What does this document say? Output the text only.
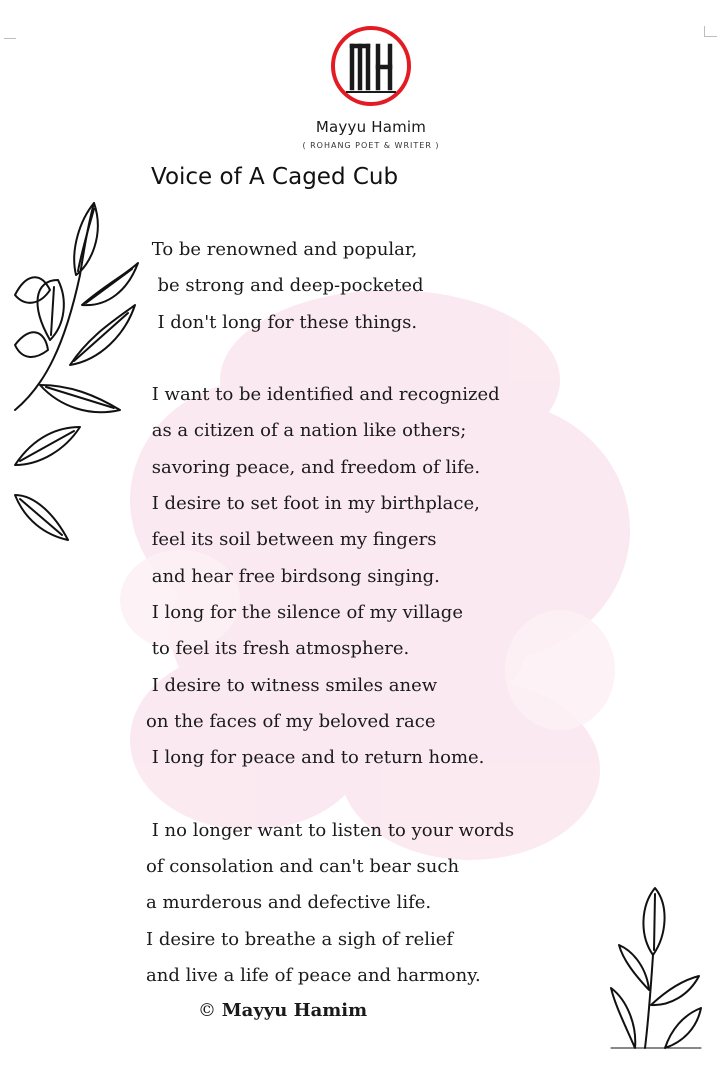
Mayyu Hamim
( ROHANG POET & WRITER )
Voice of A Caged Cub
To be renowned and popular,
be strong and deep-pocketed
I don't long for these things.
I want to be identified and recognized
as a citizen of a nation like others;
savoring peace, and freedom of life.
I desire to set foot in my birthplace,
feel its soil between my fingers
and hear free birdsong singing.
I long for the silence of my village
to feel its fresh atmosphere.
I desire to witness smiles anew
on the faces of my beloved race
I long for peace and to return home.
I no longer want to listen to your words
of consolation and can't bear such
a murderous and defective life.
I desire to breathe a sigh of relief
and live a life of peace and harmony.
© Mayyu Hamim
